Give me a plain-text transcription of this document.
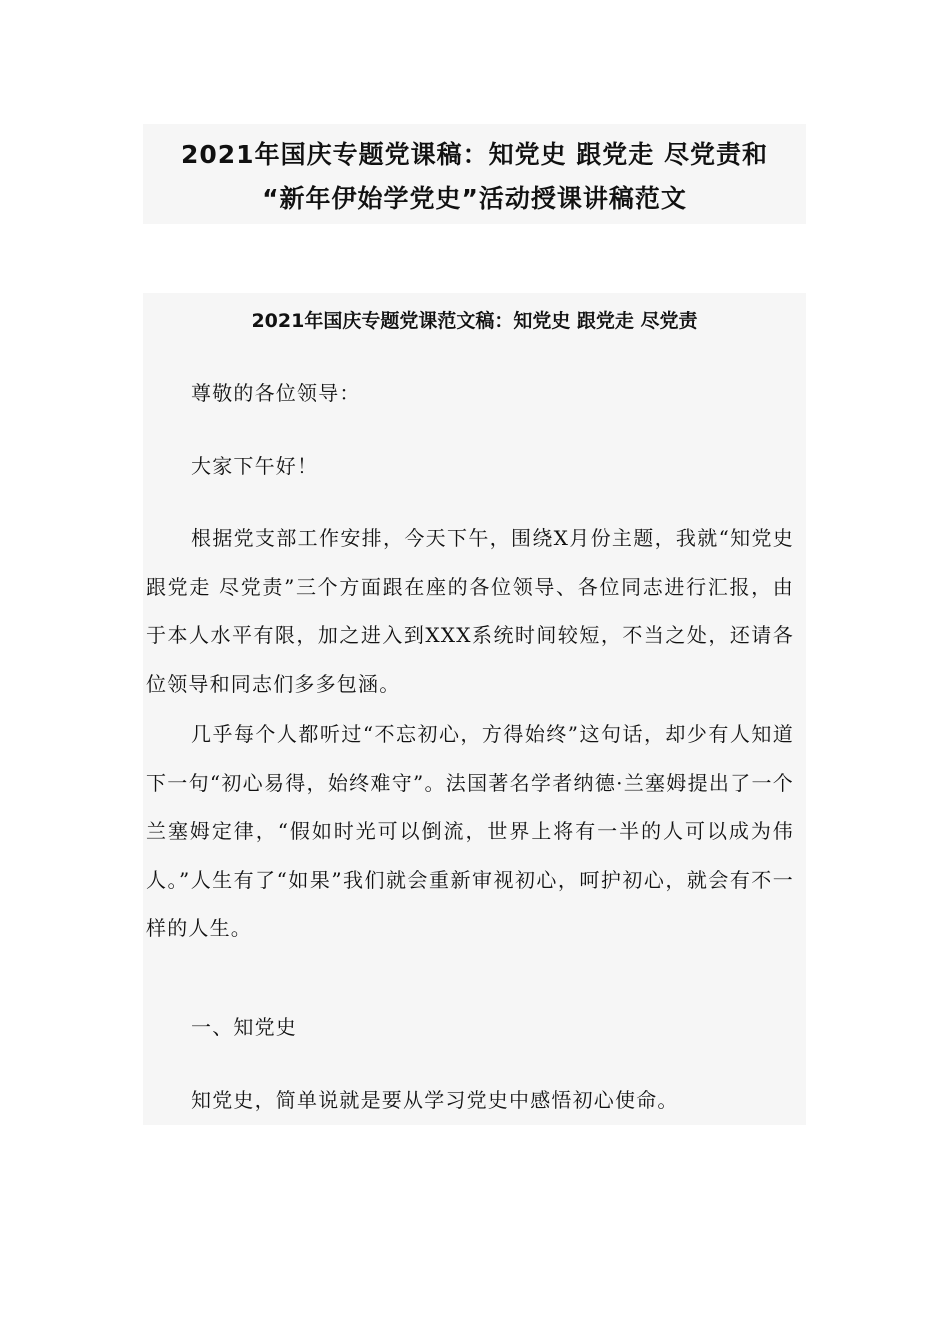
2021年国庆专题党课稿：知党史 跟党走 尽党责和
“新年伊始学党史”活动授课讲稿范文
2021年国庆专题党课范文稿：知党史 跟党走 尽党责

尊敬的各位领导：

大家下午好！

根据党支部工作安排，今天下午，围绕X月份主题，我就“知党史 跟党走 尽党责”三个方面跟在座的各位领导、各位同志进行汇报，由于本人水平有限，加之进入到XXX系统时间较短，不当之处，还请各位领导和同志们多多包涵。

几乎每个人都听过“不忘初心，方得始终”这句话，却少有人知道下一句“初心易得，始终难守”。法国著名学者纳德·兰塞姆提出了一个兰塞姆定律，“假如时光可以倒流，世界上将有一半的人可以成为伟人。”人生有了“如果”我们就会重新审视初心，呵护初心，就会有不一样的人生。

一、知党史

知党史，简单说就是要从学习党史中感悟初心使命。
